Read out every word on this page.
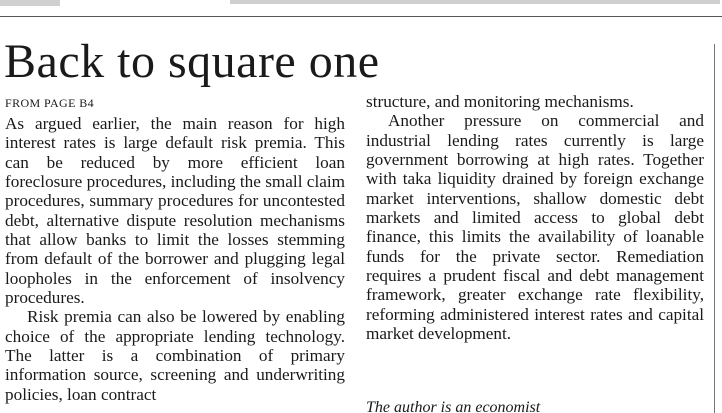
Back to square one
FROM PAGE B4

As argued earlier, the main reason for high interest rates is large default risk premia. This can be reduced by more efficient loan foreclosure procedures, including the small claim procedures, summary procedures for uncontested debt, alternative dispute resolution mechanisms that allow banks to limit the losses stemming from default of the borrower and plugging legal loopholes in the enforcement of insolvency procedures.

Risk premia can also be lowered by enabling choice of the appropriate lending technology. The latter is a combination of primary information source, screening and underwriting policies, loan contract

structure, and monitoring mechanisms.

Another pressure on commercial and industrial lending rates currently is large government borrowing at high rates. Together with taka liquidity drained by foreign exchange market interventions, shallow domestic debt markets and limited access to global debt finance, this limits the availability of loanable funds for the private sector. Remediation requires a prudent fiscal and debt management framework, greater exchange rate flexibility, reforming administered interest rates and capital market development.

The author is an economist
